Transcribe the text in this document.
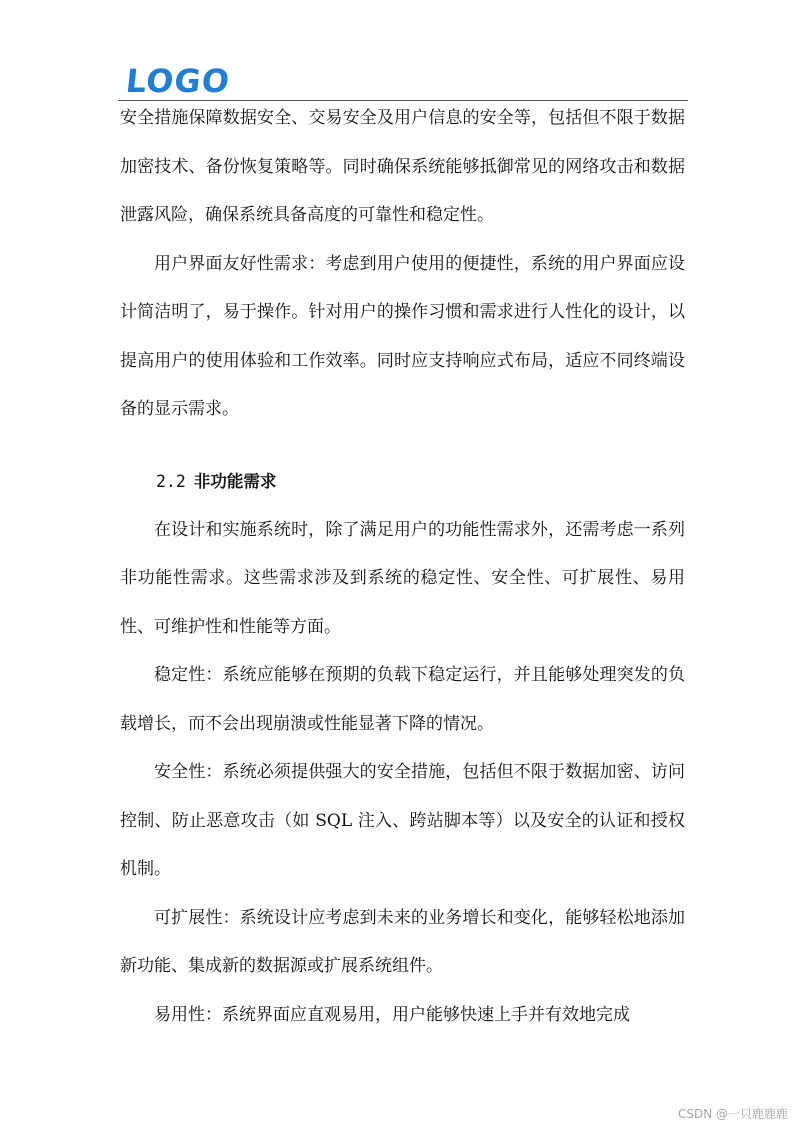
LOGO

安全措施保障数据安全、交易安全及用户信息的安全等，包括但不限于数据加密技术、备份恢复策略等。同时确保系统能够抵御常见的网络攻击和数据泄露风险，确保系统具备高度的可靠性和稳定性。

用户界面友好性需求：考虑到用户使用的便捷性，系统的用户界面应设计简洁明了，易于操作。针对用户的操作习惯和需求进行人性化的设计，以提高用户的使用体验和工作效率。同时应支持响应式布局，适应不同终端设备的显示需求。

2.2 非功能需求

在设计和实施系统时，除了满足用户的功能性需求外，还需考虑一系列非功能性需求。这些需求涉及到系统的稳定性、安全性、可扩展性、易用性、可维护性和性能等方面。

稳定性：系统应能够在预期的负载下稳定运行，并且能够处理突发的负载增长，而不会出现崩溃或性能显著下降的情况。

安全性：系统必须提供强大的安全措施，包括但不限于数据加密、访问控制、防止恶意攻击（如 SQL 注入、跨站脚本等）以及安全的认证和授权机制。

可扩展性：系统设计应考虑到未来的业务增长和变化，能够轻松地添加新功能、集成新的数据源或扩展系统组件。

易用性：系统界面应直观易用，用户能够快速上手并有效地完成

CSDN @一只鹿鹿鹿
